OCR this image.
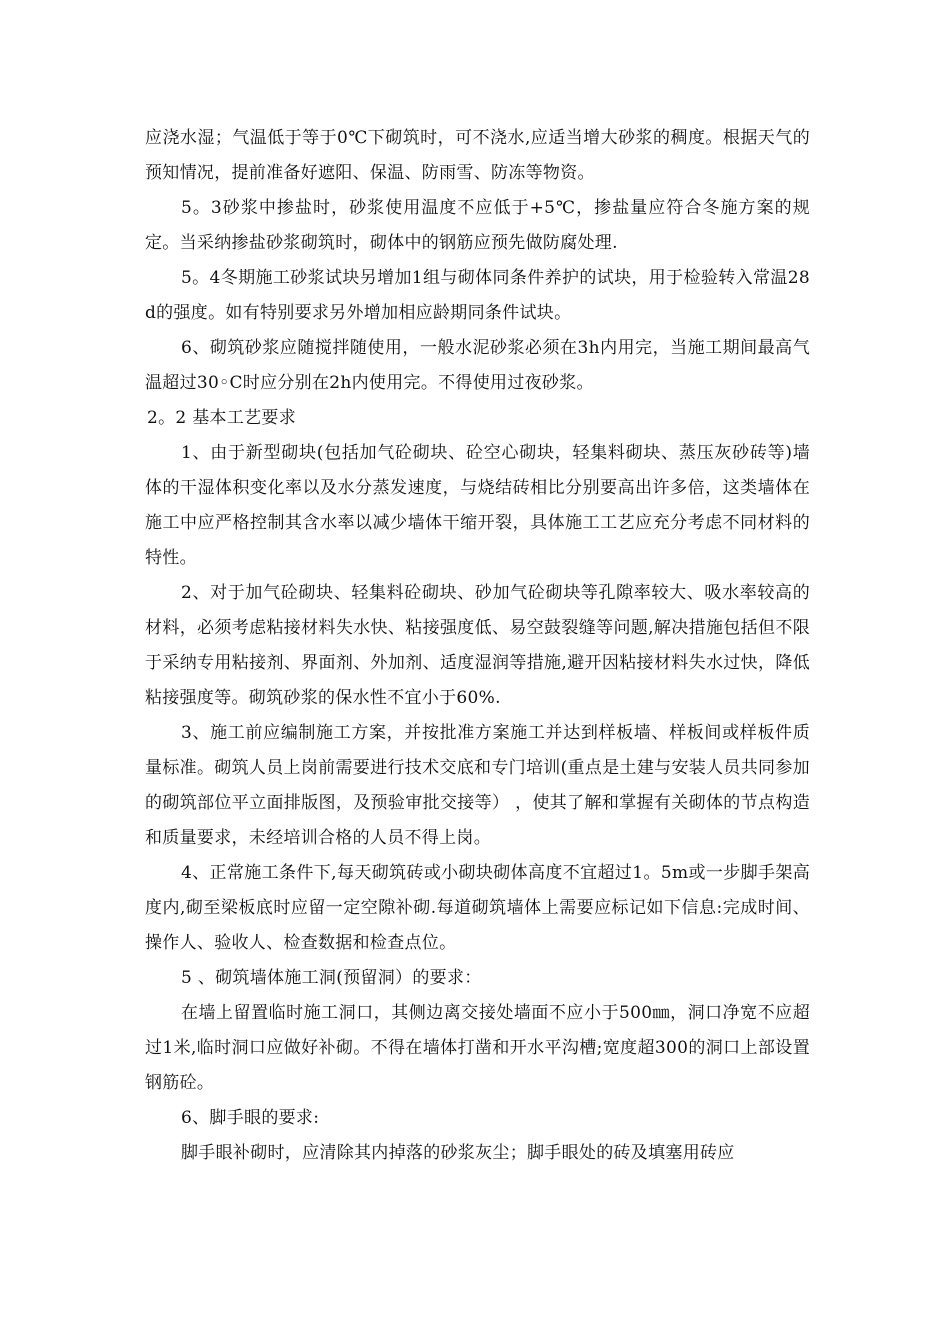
应浇水湿；气温低于等于0℃下砌筑时，可不浇水,应适当增大砂浆的稠度。根据天气的预知情况，提前准备好遮阳、保温、防雨雪、防冻等物资。

5。3砂浆中掺盐时，砂浆使用温度不应低于+5℃，掺盐量应符合冬施方案的规定。当采纳掺盐砂浆砌筑时，砌体中的钢筋应预先做防腐处理.

5。4冬期施工砂浆试块另增加1组与砌体同条件养护的试块，用于检验转入常温28d的强度。如有特别要求另外增加相应龄期同条件试块。

6、砌筑砂浆应随搅拌随使用，一般水泥砂浆必须在3h内用完，当施工期间最高气温超过30◦C时应分别在2h内使用完。不得使用过夜砂浆。

2。2 基本工艺要求

1、由于新型砌块(包括加气砼砌块、砼空心砌块，轻集料砌块、蒸压灰砂砖等)墙体的干湿体积变化率以及水分蒸发速度，与烧结砖相比分别要高出许多倍，这类墙体在施工中应严格控制其含水率以减少墙体干缩开裂，具体施工工艺应充分考虑不同材料的特性。

2、对于加气砼砌块、轻集料砼砌块、砂加气砼砌块等孔隙率较大、吸水率较高的材料，必须考虑粘接材料失水快、粘接强度低、易空鼓裂缝等问题,解决措施包括但不限于采纳专用粘接剂、界面剂、外加剂、适度湿润等措施,避开因粘接材料失水过快，降低粘接强度等。砌筑砂浆的保水性不宜小于60%.

3、施工前应编制施工方案，并按批准方案施工并达到样板墙、样板间或样板件质量标准。砌筑人员上岗前需要进行技术交底和专门培训(重点是土建与安装人员共同参加的砌筑部位平立面排版图，及预验审批交接等） ，使其了解和掌握有关砌体的节点构造和质量要求，未经培训合格的人员不得上岗。

4、正常施工条件下,每天砌筑砖或小砌块砌体高度不宜超过1。5m或一步脚手架高度内,砌至梁板底时应留一定空隙补砌.每道砌筑墙体上需要应标记如下信息:完成时间、操作人、验收人、检查数据和检查点位。

5 、砌筑墙体施工洞(预留洞）的要求：

在墙上留置临时施工洞口，其侧边离交接处墙面不应小于500㎜，洞口净宽不应超过1米,临时洞口应做好补砌。不得在墙体打凿和开水平沟槽;宽度超300的洞口上部设置钢筋砼。

6、脚手眼的要求:

脚手眼补砌时，应清除其内掉落的砂浆灰尘；脚手眼处的砖及填塞用砖应
